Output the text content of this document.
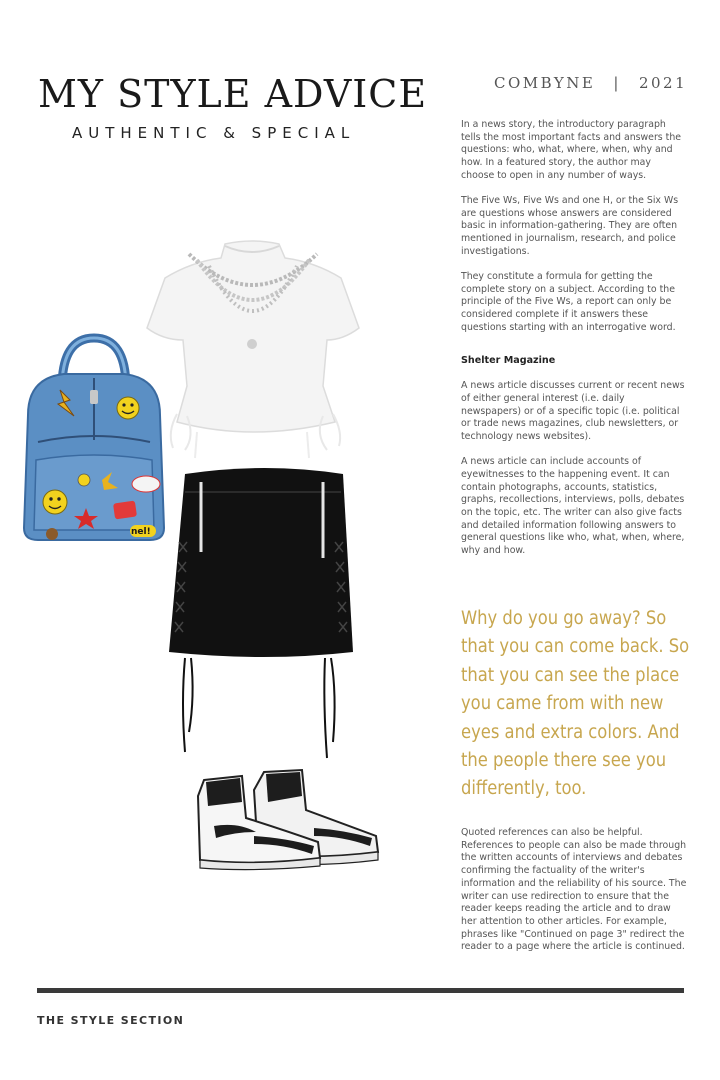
MY STYLE ADVICE
AUTHENTIC & SPECIAL
COMBYNE | 2021

In a news story, the introductory paragraph tells the most important facts and answers the questions: who, what, where, when, why and how. In a featured story, the author may choose to open in any number of ways.

The Five Ws, Five Ws and one H, or the Six Ws are questions whose answers are considered basic in information-gathering. They are often mentioned in journalism, research, and police investigations.

They constitute a formula for getting the complete story on a subject. According to the principle of the Five Ws, a report can only be considered complete if it answers these questions starting with an interrogative word.

Shelter Magazine

A news article discusses current or recent news of either general interest (i.e. daily newspapers) or of a specific topic (i.e. political or trade news magazines, club newsletters, or technology news websites).

A news article can include accounts of eyewitnesses to the happening event. It can contain photographs, accounts, statistics, graphs, recollections, interviews, polls, debates on the topic, etc. The writer can also give facts and detailed information following answers to general questions like who, what, when, where, why and how.

Why do you go away? So that you can come back. So that you can see the place you came from with new eyes and extra colors. And the people there see you differently, too.
Quoted references can also be helpful. References to people can also be made through the written accounts of interviews and debates confirming the factuality of the writer's information and the reliability of his source. The writer can use redirection to ensure that the reader keeps reading the article and to draw her attention to other articles. For example, phrases like "Continued on page 3" redirect the reader to a page where the article is continued.
nel!
THE STYLE SECTION
